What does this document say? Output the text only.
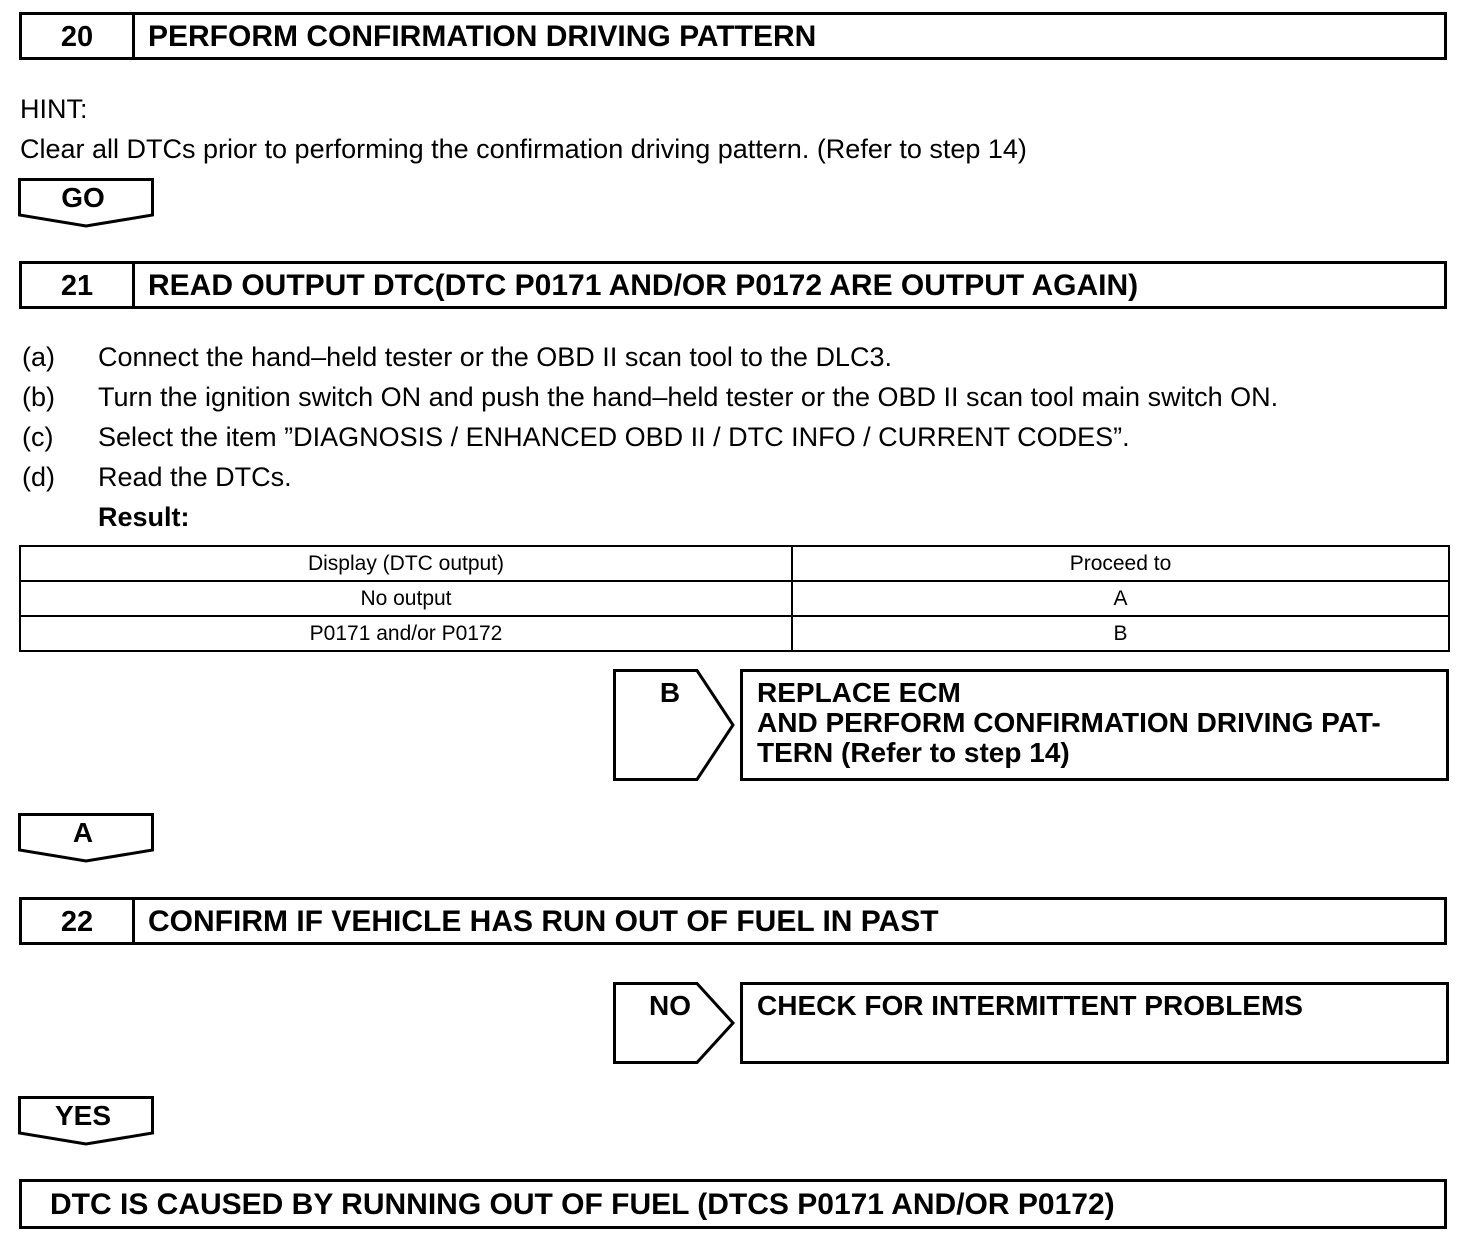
20	PERFORM CONFIRMATION DRIVING PATTERN
HINT:
Clear all DTCs prior to performing the confirmation driving pattern. (Refer to step 14)
GO
21	READ OUTPUT DTC(DTC P0171 AND/OR P0172 ARE OUTPUT AGAIN)
(a) Connect the hand–held tester or the OBD II scan tool to the DLC3.
(b) Turn the ignition switch ON and push the hand–held tester or the OBD II scan tool main switch ON.
(c) Select the item ”DIAGNOSIS / ENHANCED OBD II / DTC INFO / CURRENT CODES”.
(d) Read the DTCs.
Result:
Display (DTC output)	Proceed to
No output	A
P0171 and/or P0172	B
B	REPLACE ECM
AND PERFORM CONFIRMATION DRIVING PAT-
TERN (Refer to step 14)
A
22	CONFIRM IF VEHICLE HAS RUN OUT OF FUEL IN PAST
NO	CHECK FOR INTERMITTENT PROBLEMS
YES
DTC IS CAUSED BY RUNNING OUT OF FUEL (DTCS P0171 AND/OR P0172)
